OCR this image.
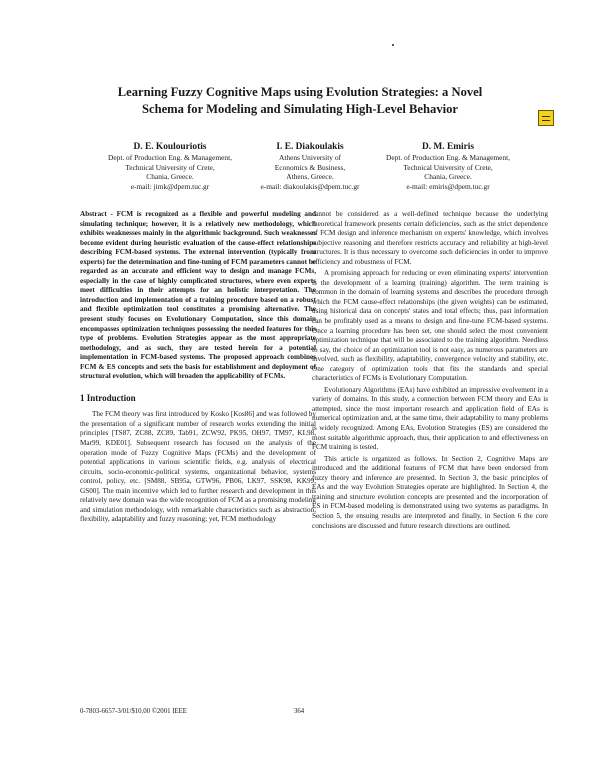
Learning Fuzzy Cognitive Maps using Evolution Strategies: a Novel
Schema for Modeling and Simulating High-Level Behavior
D. E. Koulouriotis
Dept. of Production Eng. & Management,
Technical University of Crete,
Chania, Greece.
e-mail: jimk@dpem.tuc.gr
I. E. Diakoulakis
Athens University of
Economics & Business,
Athens, Greece.
e-mail: diakoulakis@dpem.tuc.gr
D. M. Emiris
Dept. of Production Eng. & Management,
Technical University of Crete,
Chania, Greece.
e-mail: emiris@dpem.tuc.gr

Abstract - FCM is recognized as a flexible and powerful modeling and simulating technique; however, it is a relatively new methodology, which exhibits weaknesses mainly in the algorithmic background. Such weaknesses become evident during heuristic evaluation of the cause-effect relationships describing FCM-based systems. The external intervention (typically from experts) for the determination and fine-tuning of FCM parameters cannot be regarded as an accurate and efficient way to design and manage FCMs, especially in the case of highly complicated structures, where even experts meet difficulties in their attempts for an holistic interpretation. The introduction and implementation of a training procedure based on a robust and flexible optimization tool constitutes a promising alternative. The present study focuses on Evolutionary Computation, since this domain encompasses optimization techniques possessing the needed features for this type of problems. Evolution Strategies appear as the most appropriate methodology, and as such, they are tested herein for a potential implementation in FCM-based systems. The proposed approach combines FCM & ES concepts and sets the basis for establishment and deployment of structural evolution, which will broaden the applicability of FCMs.

1 Introduction

The FCM theory was first introduced by Kosko [Kos86] and was followed by the presentation of a significant number of research works extending the initial principles [TS87, ZC88, ZC89, Tab91, ZCW92, PK95, OH97, TM97, KL98, Mar99, KDE01]. Subsequent research has focused on the analysis of the operation mode of Fuzzy Cognitive Maps (FCMs) and the development of potential applications in various scientific fields, e.g. analysis of electrical circuits, socio-economic-political systems, organizational behavior, systems control, policy, etc. [SM88, SB95a, GTW96, PB06, LK97, SSK98, KK99, GS00]. The main incentive which led to further research and development in this relatively new domain was the wide recognition of FCM as a promising modeling and simulation methodology, with remarkable characteristics such as abstraction, flexibility, adaptability and fuzzy reasoning; yet, FCM methodology

cannot be considered as a well-defined technique because the underlying theoretical framework presents certain deficiencies, such as the strict dependence of FCM design and inference mechanism on experts' knowledge, which involves subjective reasoning and therefore restricts accuracy and reliability at high-level structures. It is thus necessary to overcome such deficiencies in order to improve efficiency and robustness of FCM.

A promising approach for reducing or even eliminating experts' intervention is the development of a learning (training) algorithm. The term training is common in the domain of learning systems and describes the procedure through which the FCM cause-effect relationships (the given weights) can be estimated, using historical data on concepts' states and total effects; thus, past information can be profitably used as a means to design and fine-tune FCM-based systems. Once a learning procedure has been set, one should select the most convenient optimization technique that will be associated to the training algorithm. Needless to say, the choice of an optimization tool is not easy, as numerous parameters are involved, such as flexibility, adaptability, convergence velocity and stability, etc. One category of optimization tools that fits the standards and special characteristics of FCMs is Evolutionary Computation.

Evolutionary Algorithms (EAs) have exhibited an impressive evolvement in a variety of domains. In this study, a connection between FCM theory and EAs is attempted, since the most important research and application field of EAs is numerical optimization and, at the same time, their adaptability to many problems is widely recognized. Among EAs, Evolution Strategies (ES) are considered the most suitable algorithmic approach, thus, their application to and effectiveness on FCM training is tested.

This article is organized as follows. In Section 2, Cognitive Maps are introduced and the additional features of FCM that have been endorsed from fuzzy theory and inference are presented. In Section 3, the basic principles of EAs and the way Evolution Strategies operate are highlighted. In Section 4, the training and structure evolution concepts are presented and the incorporation of ES in FCM-based modeling is demonstrated using two systems as paradigms. In Section 5, the ensuing results are interpreted and finally, in Section 6 the core conclusions are discussed and future research directions are outlined.

0-7803-6657-3/01/$10.00 ©2001 IEEE	364
